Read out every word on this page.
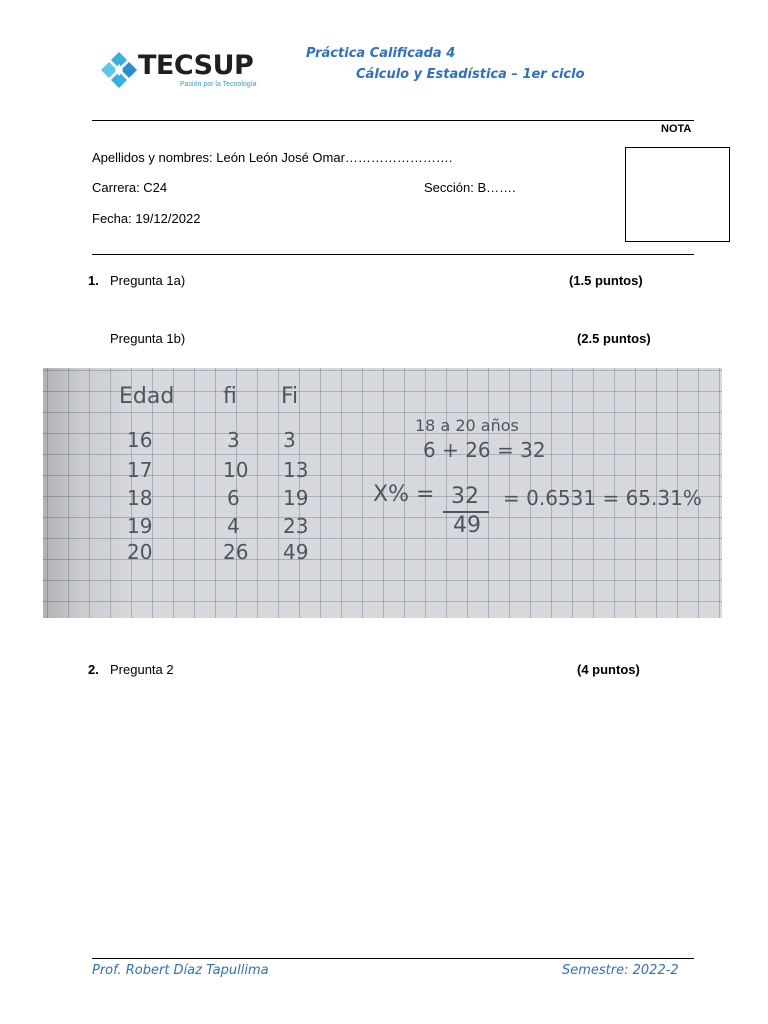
TECSUP
Pasión por la Tecnología
Práctica Calificada 4
Cálculo y Estadística – 1er ciclo
NOTA
Apellidos y nombres: León León José Omar…………………….
Carrera: C24	Sección: B…….
Fecha: 19/12/2022
1. Pregunta 1a)	(1.5 puntos)
Pregunta 1b)	(2.5 puntos)
Edad fi Fi
16	3 3
17	10 13
18	6 19
19	4 23
20	26 49
18 a 20 años
6 + 26 = 32
X% = 32
49
= 0.6531 = 65.31%
2. Pregunta 2	(4 puntos)
Prof. Robert Díaz Tapullima	Semestre: 2022-2
